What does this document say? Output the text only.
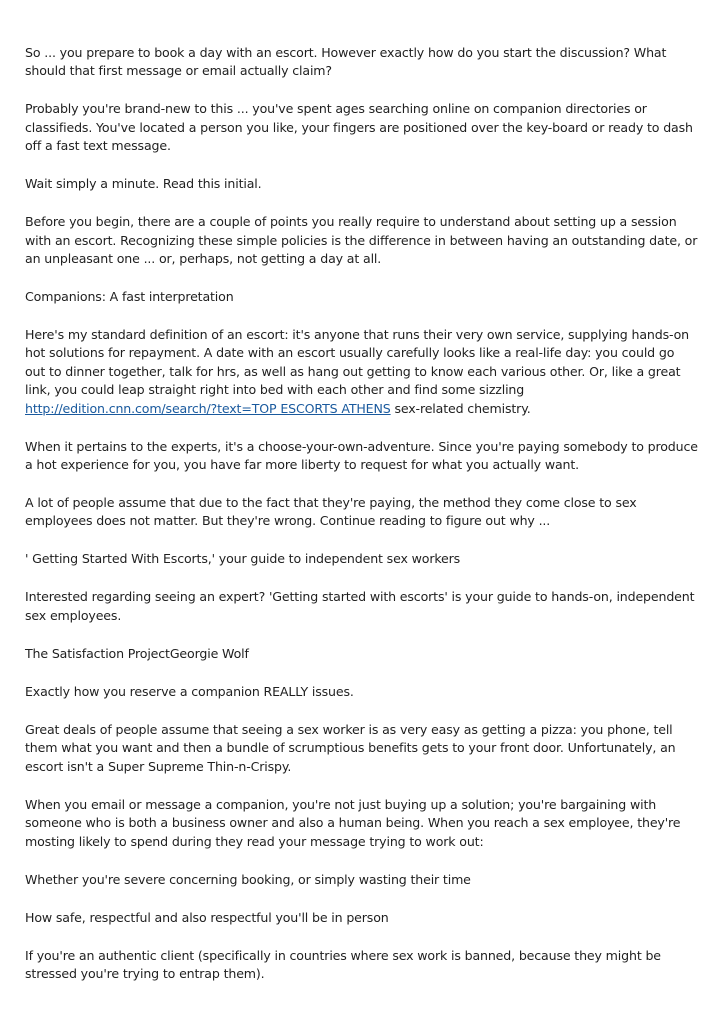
So ... you prepare to book a day with an escort. However exactly how do you start the discussion? What should that first message or email actually claim?

Probably you're brand-new to this ... you've spent ages searching online on companion directories or classifieds. You've located a person you like, your fingers are positioned over the key-board or ready to dash off a fast text message.

Wait simply a minute. Read this initial.

Before you begin, there are a couple of points you really require to understand about setting up a session with an escort. Recognizing these simple policies is the difference in between having an outstanding date, or an unpleasant one ... or, perhaps, not getting a day at all.

Companions: A fast interpretation

Here's my standard definition of an escort: it's anyone that runs their very own service, supplying hands-on hot solutions for repayment. A date with an escort usually carefully looks like a real-life day: you could go out to dinner together, talk for hrs, as well as hang out getting to know each various other. Or, like a great link, you could leap straight right into bed with each other and find some sizzling http://edition.cnn.com/search/?text=TOP ESCORTS ATHENS sex-related chemistry.

When it pertains to the experts, it's a choose-your-own-adventure. Since you're paying somebody to produce a hot experience for you, you have far more liberty to request for what you actually want.

A lot of people assume that due to the fact that they're paying, the method they come close to sex employees does not matter. But they're wrong. Continue reading to figure out why ...

' Getting Started With Escorts,' your guide to independent sex workers

Interested regarding seeing an expert? 'Getting started with escorts' is your guide to hands-on, independent sex employees.

The Satisfaction ProjectGeorgie Wolf

Exactly how you reserve a companion REALLY issues.

Great deals of people assume that seeing a sex worker is as very easy as getting a pizza: you phone, tell them what you want and then a bundle of scrumptious benefits gets to your front door. Unfortunately, an escort isn't a Super Supreme Thin-n-Crispy.

When you email or message a companion, you're not just buying up a solution; you're bargaining with someone who is both a business owner and also a human being. When you reach a sex employee, they're mosting likely to spend during they read your message trying to work out:

Whether you're severe concerning booking, or simply wasting their time

How safe, respectful and also respectful you'll be in person

If you're an authentic client (specifically in countries where sex work is banned, because they might be stressed you're trying to entrap them).
